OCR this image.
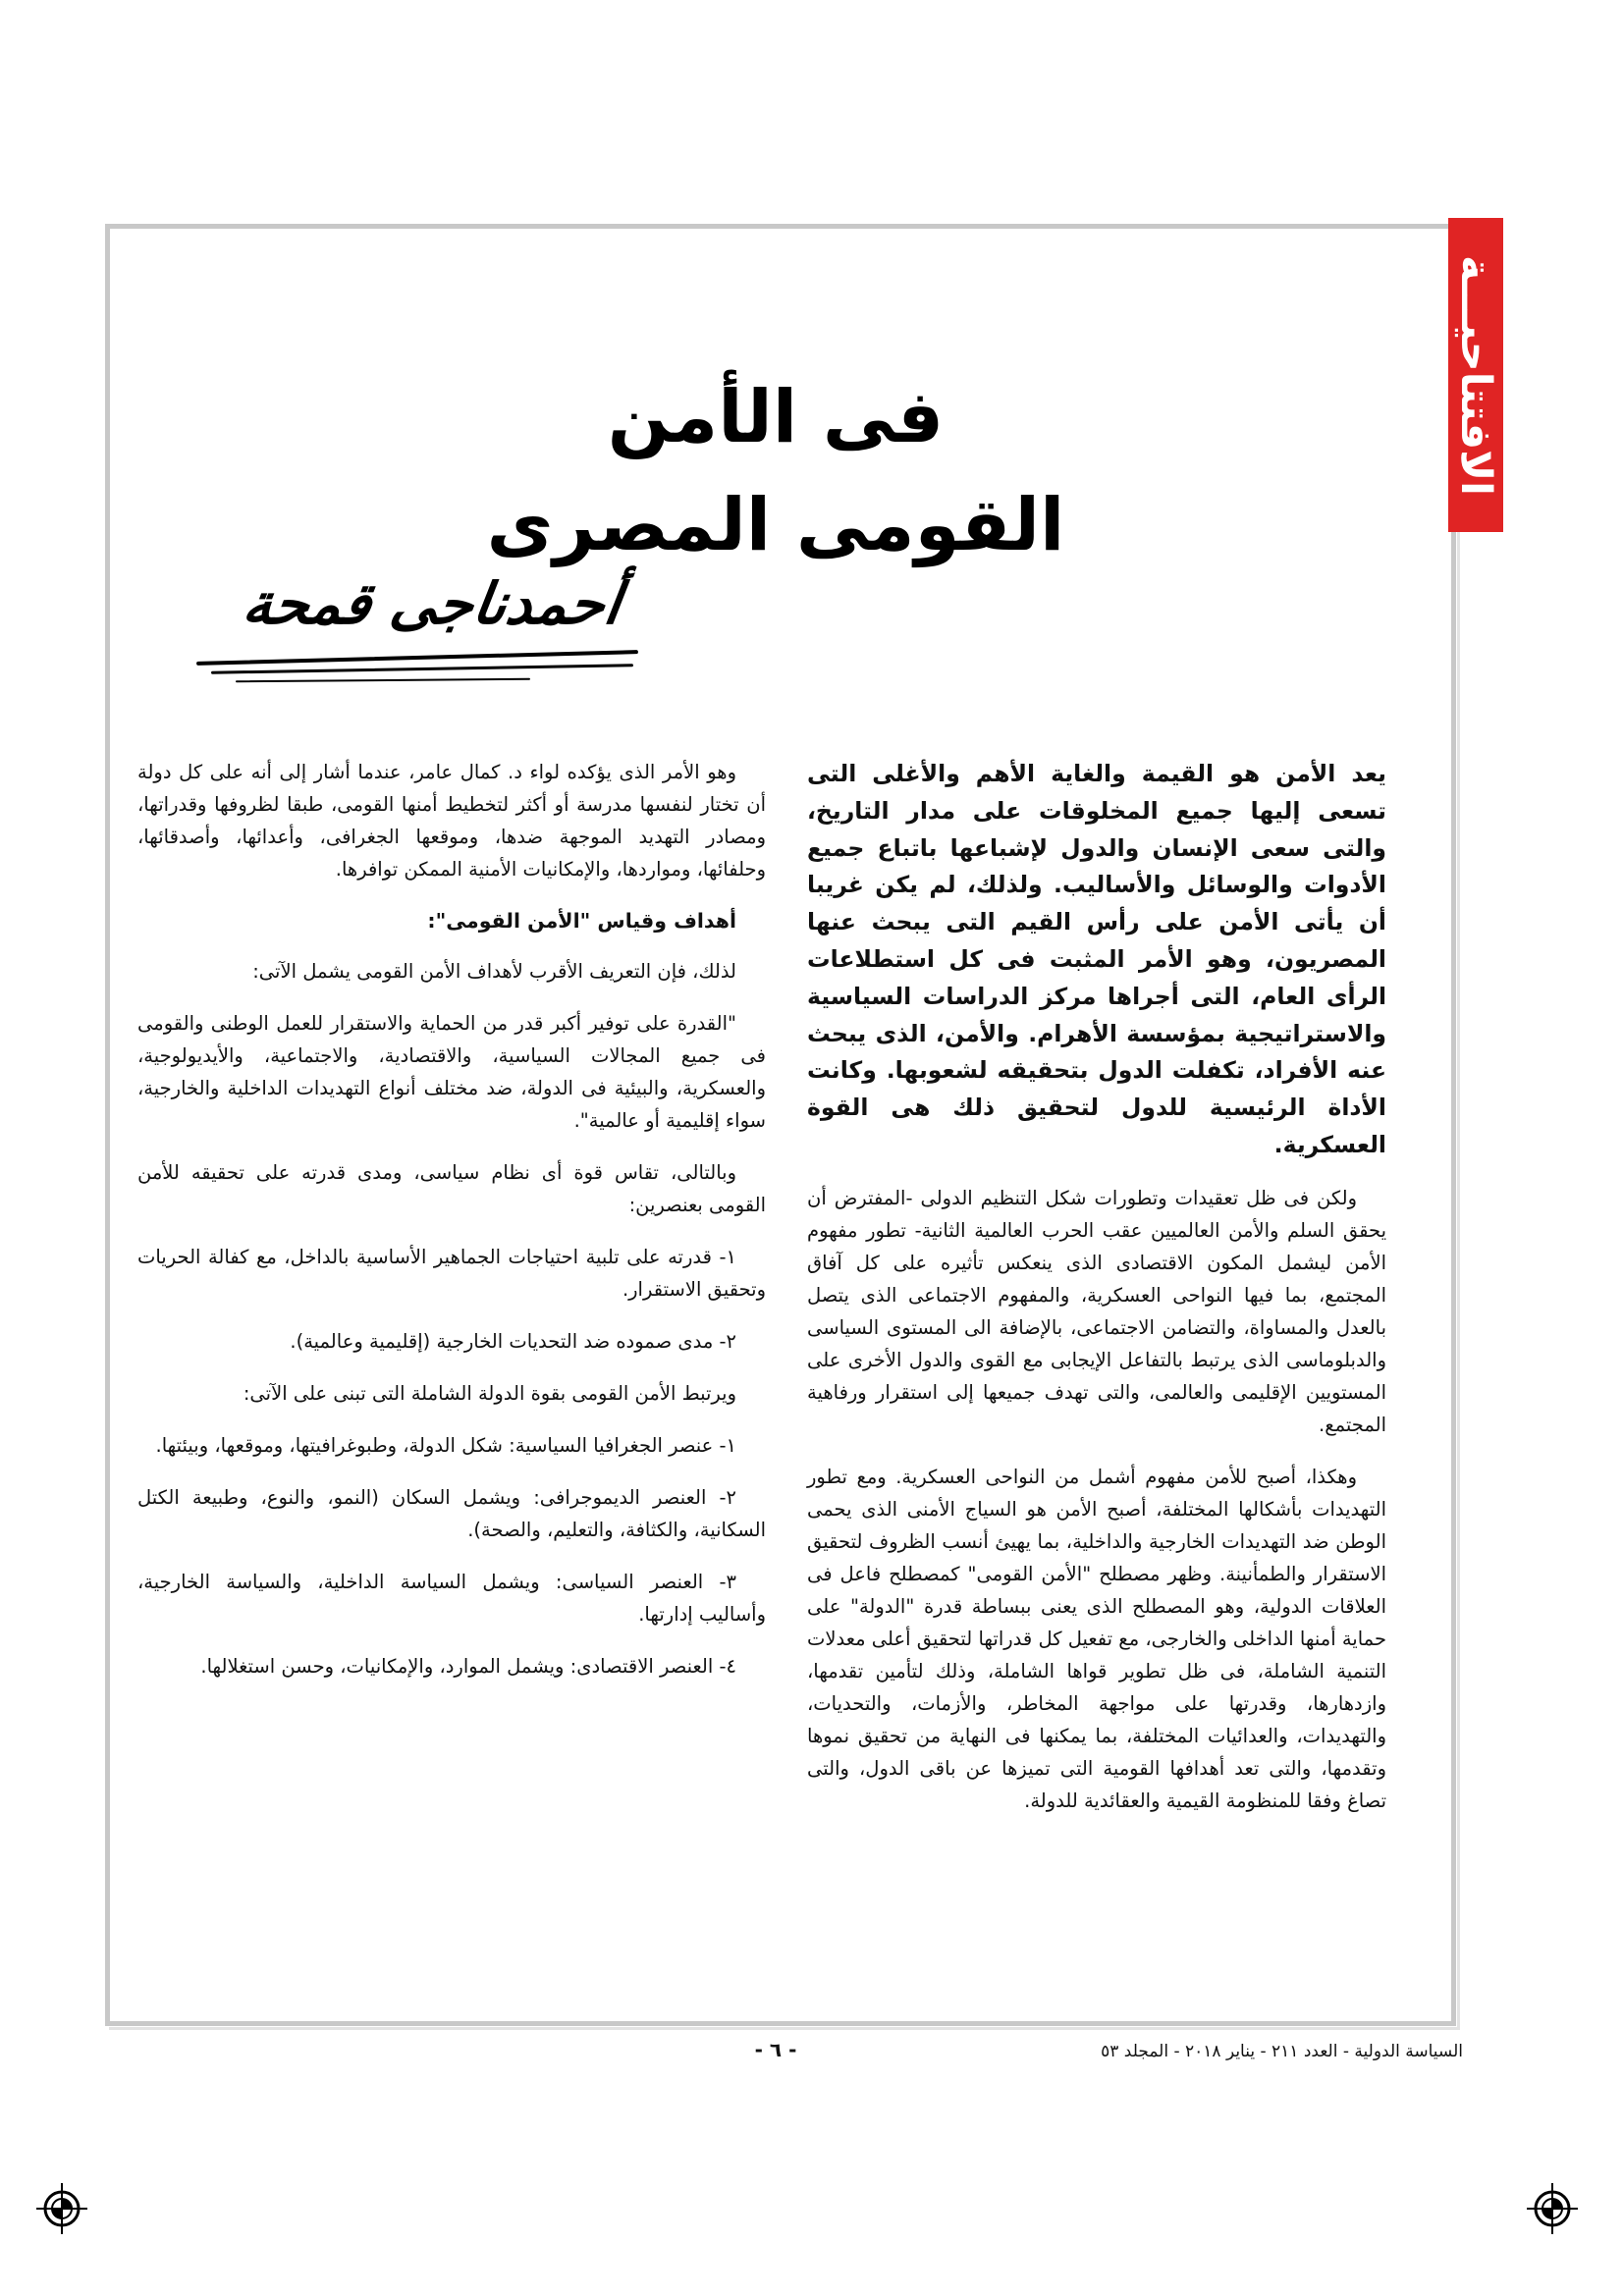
الافتتاحيـــة
فى الأمن القومى المصرى
أحمدناجى قمحة

يعد الأمن هو القيمة والغاية الأهم والأغلى التى تسعى إليها جميع المخلوقات على مدار التاريخ، والتى سعى الإنسان والدول لإشباعها باتباع جميع الأدوات والوسائل والأساليب. ولذلك، لم يكن غريبا أن يأتى الأمن على رأس القيم التى يبحث عنها المصريون، وهو الأمر المثبت فى كل استطلاعات الرأى العام، التى أجراها مركز الدراسات السياسية والاستراتيجية بمؤسسة الأهرام. والأمن، الذى يبحث عنه الأفراد، تكفلت الدول بتحقيقه لشعوبها. وكانت الأداة الرئيسية للدول لتحقيق ذلك هى القوة العسكرية.

ولكن فى ظل تعقيدات وتطورات شكل التنظيم الدولى -المفترض أن يحقق السلم والأمن العالميين عقب الحرب العالمية الثانية- تطور مفهوم الأمن ليشمل المكون الاقتصادى الذى ينعكس تأثيره على كل آفاق المجتمع، بما فيها النواحى العسكرية، والمفهوم الاجتماعى الذى يتصل بالعدل والمساواة، والتضامن الاجتماعى، بالإضافة الى المستوى السياسى والدبلوماسى الذى يرتبط بالتفاعل الإيجابى مع القوى والدول الأخرى على المستويين الإقليمى والعالمى، والتى تهدف جميعها إلى استقرار ورفاهية المجتمع.

وهكذا، أصبح للأمن مفهوم أشمل من النواحى العسكرية. ومع تطور التهديدات بأشكالها المختلفة، أصبح الأمن هو السياج الأمنى الذى يحمى الوطن ضد التهديدات الخارجية والداخلية، بما يهيئ أنسب الظروف لتحقيق الاستقرار والطمأنينة. وظهر مصطلح "الأمن القومى" كمصطلح فاعل فى العلاقات الدولية، وهو المصطلح الذى يعنى ببساطة قدرة "الدولة" على حماية أمنها الداخلى والخارجى، مع تفعيل كل قدراتها لتحقيق أعلى معدلات التنمية الشاملة، فى ظل تطوير قواها الشاملة، وذلك لتأمين تقدمها، وازدهارها، وقدرتها على مواجهة المخاطر، والأزمات، والتحديات، والتهديدات، والعدائيات المختلفة، بما يمكنها فى النهاية من تحقيق نموها وتقدمها، والتى تعد أهدافها القومية التى تميزها عن باقى الدول، والتى تصاغ وفقا للمنظومة القيمية والعقائدية للدولة.

وهو الأمر الذى يؤكده لواء د. كمال عامر، عندما أشار إلى أنه على كل دولة أن تختار لنفسها مدرسة أو أكثر لتخطيط أمنها القومى، طبقا لظروفها وقدراتها، ومصادر التهديد الموجهة ضدها، وموقعها الجغرافى، وأعدائها، وأصدقائها، وحلفائها، ومواردها، والإمكانيات الأمنية الممكن توافرها.

أهداف وقياس "الأمن القومى":

لذلك، فإن التعريف الأقرب لأهداف الأمن القومى يشمل الآتى:

"القدرة على توفير أكبر قدر من الحماية والاستقرار للعمل الوطنى والقومى فى جميع المجالات السياسية، والاقتصادية، والاجتماعية، والأيديولوجية، والعسكرية، والبيئية فى الدولة، ضد مختلف أنواع التهديدات الداخلية والخارجية، سواء إقليمية أو عالمية".

وبالتالى، تقاس قوة أى نظام سياسى، ومدى قدرته على تحقيقه للأمن القومى بعنصرين:

١- قدرته على تلبية احتياجات الجماهير الأساسية بالداخل، مع كفالة الحريات وتحقيق الاستقرار.

٢- مدى صموده ضد التحديات الخارجية (إقليمية وعالمية).

ويرتبط الأمن القومى بقوة الدولة الشاملة التى تبنى على الآتى:

١- عنصر الجغرافيا السياسية: شكل الدولة، وطبوغرافيتها، وموقعها، وبيئتها.

٢- العنصر الديموجرافى: ويشمل السكان (النمو، والنوع، وطبيعة الكتل السكانية، والكثافة، والتعليم، والصحة).

٣- العنصر السياسى: ويشمل السياسة الداخلية، والسياسة الخارجية، وأساليب إدارتها.

٤- العنصر الاقتصادى: ويشمل الموارد، والإمكانيات، وحسن استغلالها.

السياسة الدولية - العدد ٢١١ - يناير ٢٠١٨ - المجلد ٥٣
- ٦ -
